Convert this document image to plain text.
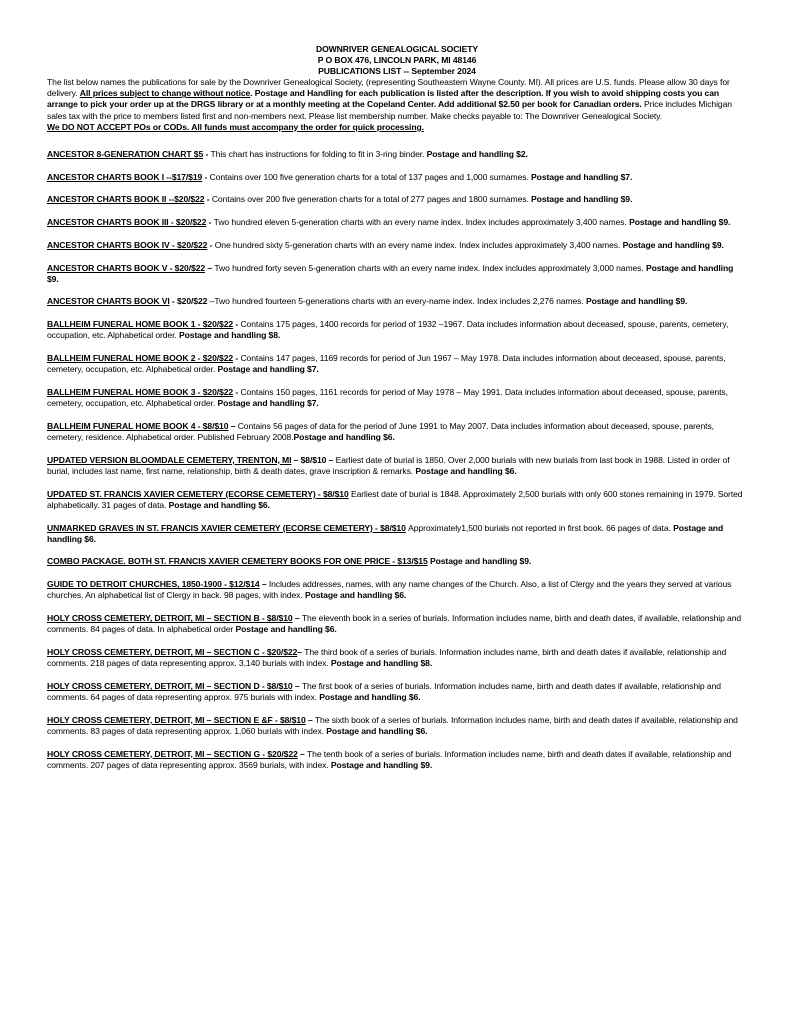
DOWNRIVER GENEALOGICAL SOCIETY
P O BOX 476, LINCOLN PARK, MI 48146
PUBLICATIONS LIST -- September 2024
The list below names the publications for sale by the Downriver Genealogical Society, (representing Southeastern Wayne County. MI). All prices are U.S. funds. Please allow 30 days for delivery. All prices subject to change without notice. Postage and Handling for each publication is listed after the description. If you wish to avoid shipping costs you can arrange to pick your order up at the DRGS library or at a monthly meeting at the Copeland Center. Add additional $2.50 per book for Canadian orders. Price includes Michigan sales tax with the price to members listed first and non-members next. Please list membership number. Make checks payable to: The Downriver Genealogical Society.
We DO NOT ACCEPT POs or CODs. All funds must accompany the order for quick processing.
ANCESTOR 8-GENERATION CHART $5 - This chart has instructions for folding to fit in 3-ring binder. Postage and handling $2.
ANCESTOR CHARTS BOOK I --$17/$19 - Contains over 100 five generation charts for a total of 137 pages and 1,000 surnames. Postage and handling $7.
ANCESTOR CHARTS BOOK II --$20/$22 - Contains over 200 five generation charts for a total of 277 pages and 1800 surnames. Postage and handling $9.
ANCESTOR CHARTS BOOK III - $20/$22 - Two hundred eleven 5-generation charts with an every name index. Index includes approximately 3,400 names. Postage and handling $9.
ANCESTOR CHARTS BOOK IV - $20/$22 - One hundred sixty 5-generation charts with an every name index. Index includes approximately 3,400 names. Postage and handling $9.
ANCESTOR CHARTS BOOK V - $20/$22 – Two hundred forty seven 5-generation charts with an every name index. Index includes approximately 3,000 names. Postage and handling $9.
ANCESTOR CHARTS BOOK VI - $20/$22 –Two hundred fourteen 5-generations charts with an every-name index. Index includes 2,276 names. Postage and handling $9.
BALLHEIM FUNERAL HOME BOOK 1 - $20/$22 - Contains 175 pages, 1400 records for period of 1932 –1967. Data includes information about deceased, spouse, parents, cemetery, occupation, etc. Alphabetical order. Postage and handling $8.
BALLHEIM FUNERAL HOME BOOK 2 - $20/$22 - Contains 147 pages, 1169 records for period of Jun 1967 – May 1978. Data includes information about deceased, spouse, parents, cemetery, occupation, etc. Alphabetical order. Postage and handling $7.
BALLHEIM FUNERAL HOME BOOK 3 - $20/$22 - Contains 150 pages, 1161 records for period of May 1978 – May 1991. Data includes information about deceased, spouse, parents, cemetery, occupation, etc. Alphabetical order. Postage and handling $7.
BALLHEIM FUNERAL HOME BOOK 4 - $8/$10 – Contains 56 pages of data for the period of June 1991 to May 2007. Data includes information about deceased, spouse, parents, cemetery, residence. Alphabetical order. Published February 2008.Postage and handling $6.
UPDATED VERSION BLOOMDALE CEMETERY, TRENTON, MI – $8/$10 – Earliest date of burial is 1850. Over 2,000 burials with new burials from last book in 1988. Listed in order of burial, includes last name, first name, relationship, birth & death dates, grave inscription & remarks. Postage and handling $6.
UPDATED ST. FRANCIS XAVIER CEMETERY (ECORSE CEMETERY) - $8/$10 Earliest date of burial is 1848. Approximately 2,500 burials with only 600 stones remaining in 1979. Sorted alphabetically. 31 pages of data. Postage and handling $6.
UNMARKED GRAVES IN ST. FRANCIS XAVIER CEMETERY (ECORSE CEMETERY) - $8/$10 Approximately1,500 burials not reported in first book. 66 pages of data. Postage and handling $6.
COMBO PACKAGE. BOTH ST. FRANCIS XAVIER CEMETERY BOOKS FOR ONE PRICE - $13/$15 Postage and handling $9.
GUIDE TO DETROIT CHURCHES, 1850-1900 - $12/$14 – Includes addresses, names, with any name changes of the Church. Also, a list of Clergy and the years they served at various churches. An alphabetical list of Clergy in back. 98 pages, with index. Postage and handling $6.
HOLY CROSS CEMETERY, DETROIT, MI – SECTION B - $8/$10 – The eleventh book in a series of burials. Information includes name, birth and death dates, if available, relationship and comments. 84 pages of data. In alphabetical order Postage and handling $6.
HOLY CROSS CEMETERY, DETROIT, MI – SECTION C - $20/$22– The third book of a series of burials. Information includes name, birth and death dates if available, relationship and comments. 218 pages of data representing approx. 3,140 burials with index. Postage and handling $8.
HOLY CROSS CEMETERY, DETROIT, MI – SECTION D - $8/$10 – The first book of a series of burials. Information includes name, birth and death dates if available, relationship and comments. 64 pages of data representing approx. 975 burials with index. Postage and handling $6.
HOLY CROSS CEMETERY, DETROIT, MI – SECTION E &F - $8/$10 – The sixth book of a series of burials. Information includes name, birth and death dates if available, relationship and comments. 83 pages of data representing approx. 1,060 burials with index. Postage and handling $6.
HOLY CROSS CEMETERY, DETROIT, MI – SECTION G - $20/$22 – The tenth book of a series of burials. Information includes name, birth and death dates if available, relationship and comments. 207 pages of data representing approx. 3569 burials, with index. Postage and handling $9.
